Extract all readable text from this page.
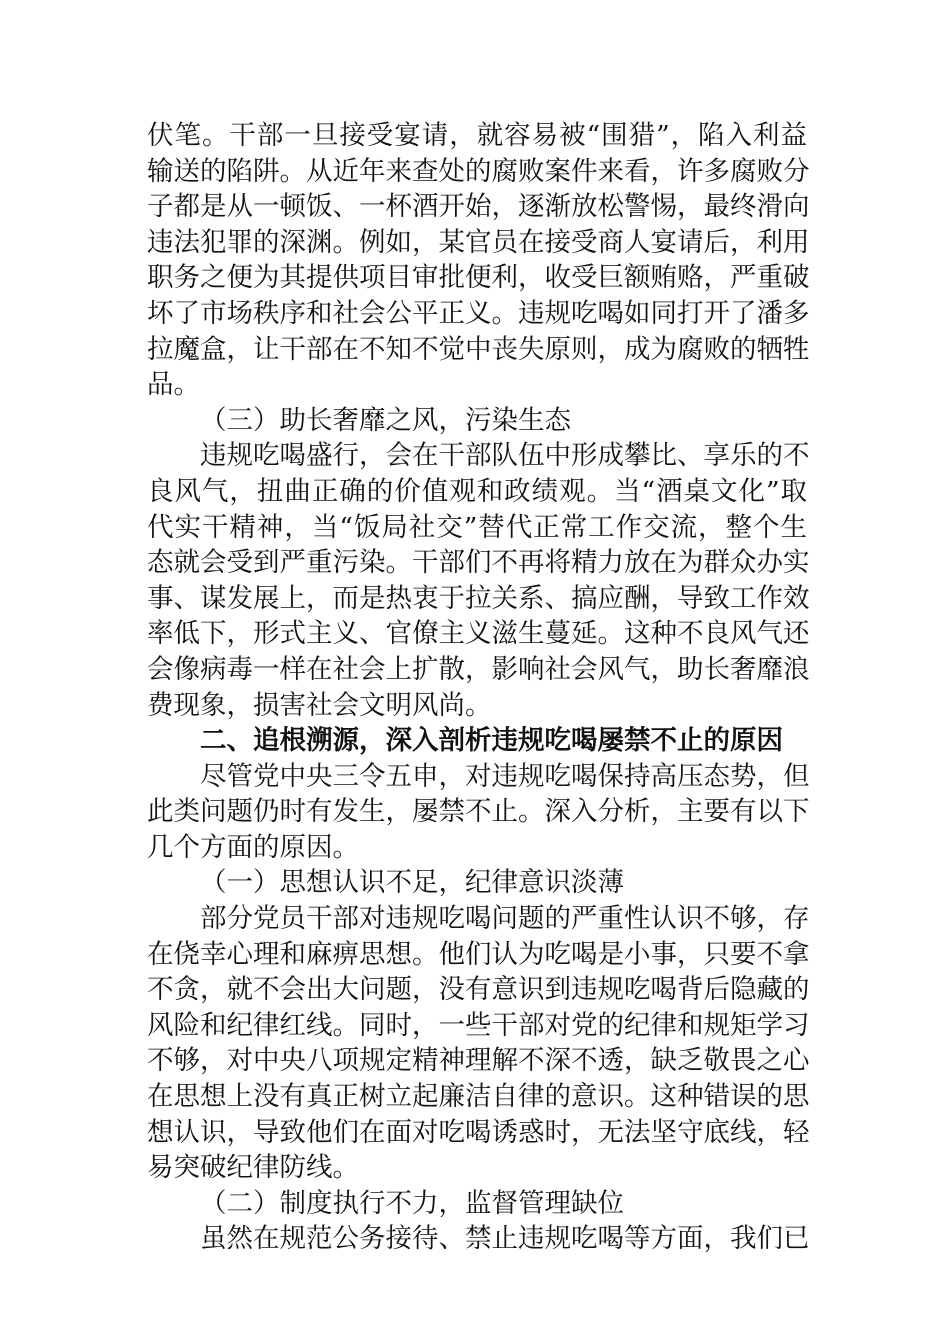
伏笔。干部一旦接受宴请，就容易被“围猎”，陷入利益
输送的陷阱。从近年来查处的腐败案件来看，许多腐败分
子都是从一顿饭、一杯酒开始，逐渐放松警惕，最终滑向
违法犯罪的深渊。例如，某官员在接受商人宴请后，利用
职务之便为其提供项目审批便利，收受巨额贿赂，严重破
坏了市场秩序和社会公平正义。违规吃喝如同打开了潘多
拉魔盒，让干部在不知不觉中丧失原则，成为腐败的牺牲
品。
（三）助长奢靡之风，污染生态
违规吃喝盛行，会在干部队伍中形成攀比、享乐的不
良风气，扭曲正确的价值观和政绩观。当“酒桌文化”取
代实干精神，当“饭局社交”替代正常工作交流，整个生
态就会受到严重污染。干部们不再将精力放在为群众办实
事、谋发展上，而是热衷于拉关系、搞应酬，导致工作效
率低下，形式主义、官僚主义滋生蔓延。这种不良风气还
会像病毒一样在社会上扩散，影响社会风气，助长奢靡浪
费现象，损害社会文明风尚。
二、追根溯源，深入剖析违规吃喝屡禁不止的原因
尽管党中央三令五申，对违规吃喝保持高压态势，但
此类问题仍时有发生，屡禁不止。深入分析，主要有以下
几个方面的原因。
（一）思想认识不足，纪律意识淡薄
部分党员干部对违规吃喝问题的严重性认识不够，存
在侥幸心理和麻痹思想。他们认为吃喝是小事，只要不拿
不贪，就不会出大问题，没有意识到违规吃喝背后隐藏的
风险和纪律红线。同时，一些干部对党的纪律和规矩学习
不够，对中央八项规定精神理解不深不透，缺乏敬畏之心
在思想上没有真正树立起廉洁自律的意识。这种错误的思
想认识，导致他们在面对吃喝诱惑时，无法坚守底线，轻
易突破纪律防线。
（二）制度执行不力，监督管理缺位
虽然在规范公务接待、禁止违规吃喝等方面，我们已
